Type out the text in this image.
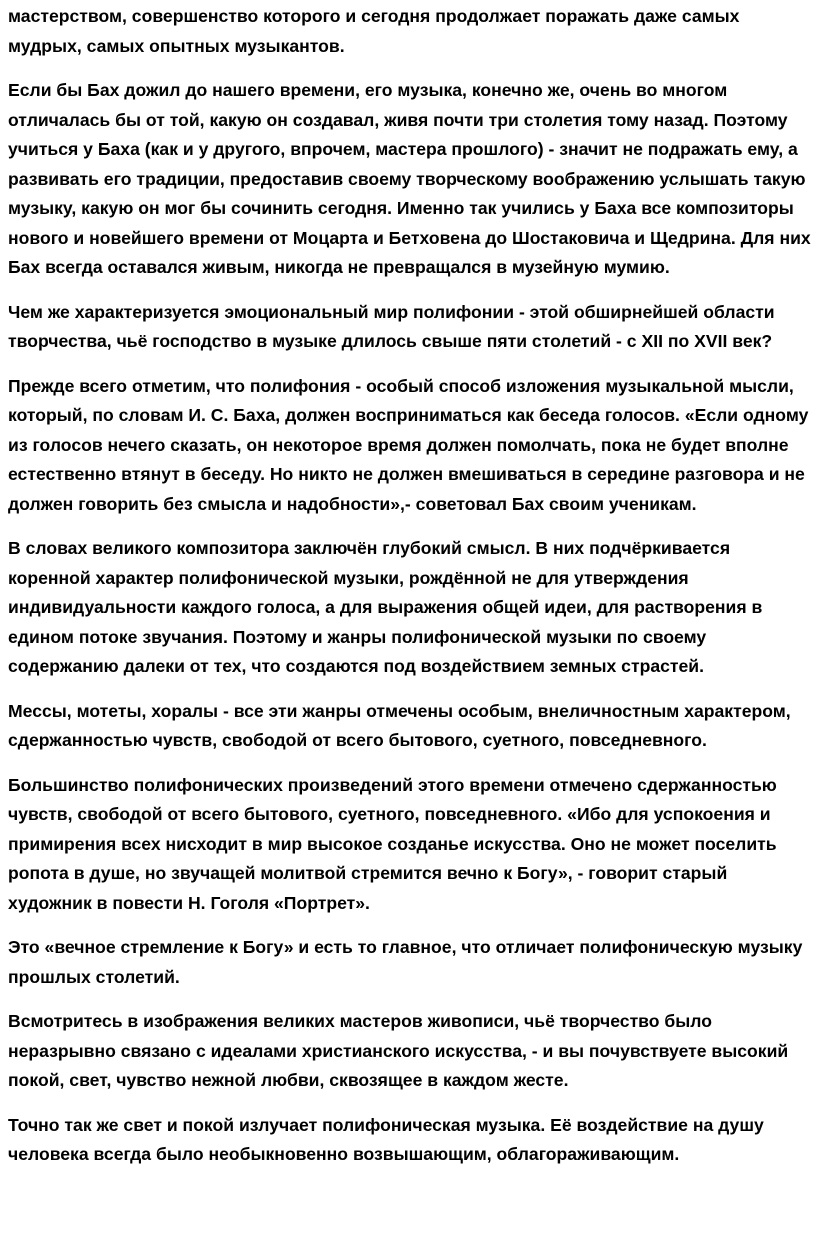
мастерством, совершенство которого и сегодня продолжает поражать даже самых мудрых, самых опытных музыкантов.

Если бы Бах дожил до нашего времени, его музыка, конечно же, очень во многом отличалась бы от той, какую он создавал, живя почти три столетия тому назад. Поэтому учиться у Баха (как и у другого, впрочем, мастера прошлого) - значит не подражать ему, а развивать его традиции, предоставив своему творческому воображению услышать такую музыку, какую он мог бы сочинить сегодня. Именно так учились у Баха все композиторы нового и новейшего времени от Моцарта и Бетховена до Шостаковича и Щедрина. Для них Бах всегда оставался живым, никогда не превращался в музейную мумию.

Чем же характеризуется эмоциональный мир полифонии - этой обширнейшей области творчества, чьё господство в музыке длилось свыше пяти столетий - с XII по XVII век?

Прежде всего отметим, что полифония - особый способ изложения музыкальной мысли, который, по словам И. С. Баха, должен восприниматься как беседа голосов. «Если одному из голосов нечего сказать, он некоторое время должен помолчать, пока не будет вполне естественно втянут в беседу. Но никто не должен вмешиваться в середине разговора и не должен говорить без смысла и надобности»,- советовал Бах своим ученикам.

В словах великого композитора заключён глубокий смысл. В них подчёркивается коренной характер полифонической музыки, рождённой не для утверждения индивидуальности каждого голоса, а для выражения общей идеи, для растворения в едином потоке звучания. Поэтому и жанры полифонической музыки по своему содержанию далеки от тех, что создаются под воздействием земных страстей.

Мессы, мотеты, хоралы - все эти жанры отмечены особым, внеличностным характером, сдержанностью чувств, свободой от всего бытового, суетного, повседневного.

Большинство полифонических произведений этого времени отмечено сдержанностью чувств, свободой от всего бытового, суетного, повседневного. «Ибо для успокоения и примирения всех нисходит в мир высокое созданье искусства. Оно не может поселить ропота в душе, но звучащей молитвой стремится вечно к Богу», - говорит старый художник в повести Н. Гоголя «Портрет».

Это «вечное стремление к Богу» и есть то главное, что отличает полифоническую музыку прошлых столетий.

Всмотритесь в изображения великих мастеров живописи, чьё творчество было неразрывно связано с идеалами христианского искусства, - и вы почувствуете высокий покой, свет, чувство нежной любви, сквозящее в каждом жесте.

Точно так же свет и покой излучает полифоническая музыка. Её воздействие на душу человека всегда было необыкновенно возвышающим, облагораживающим.
